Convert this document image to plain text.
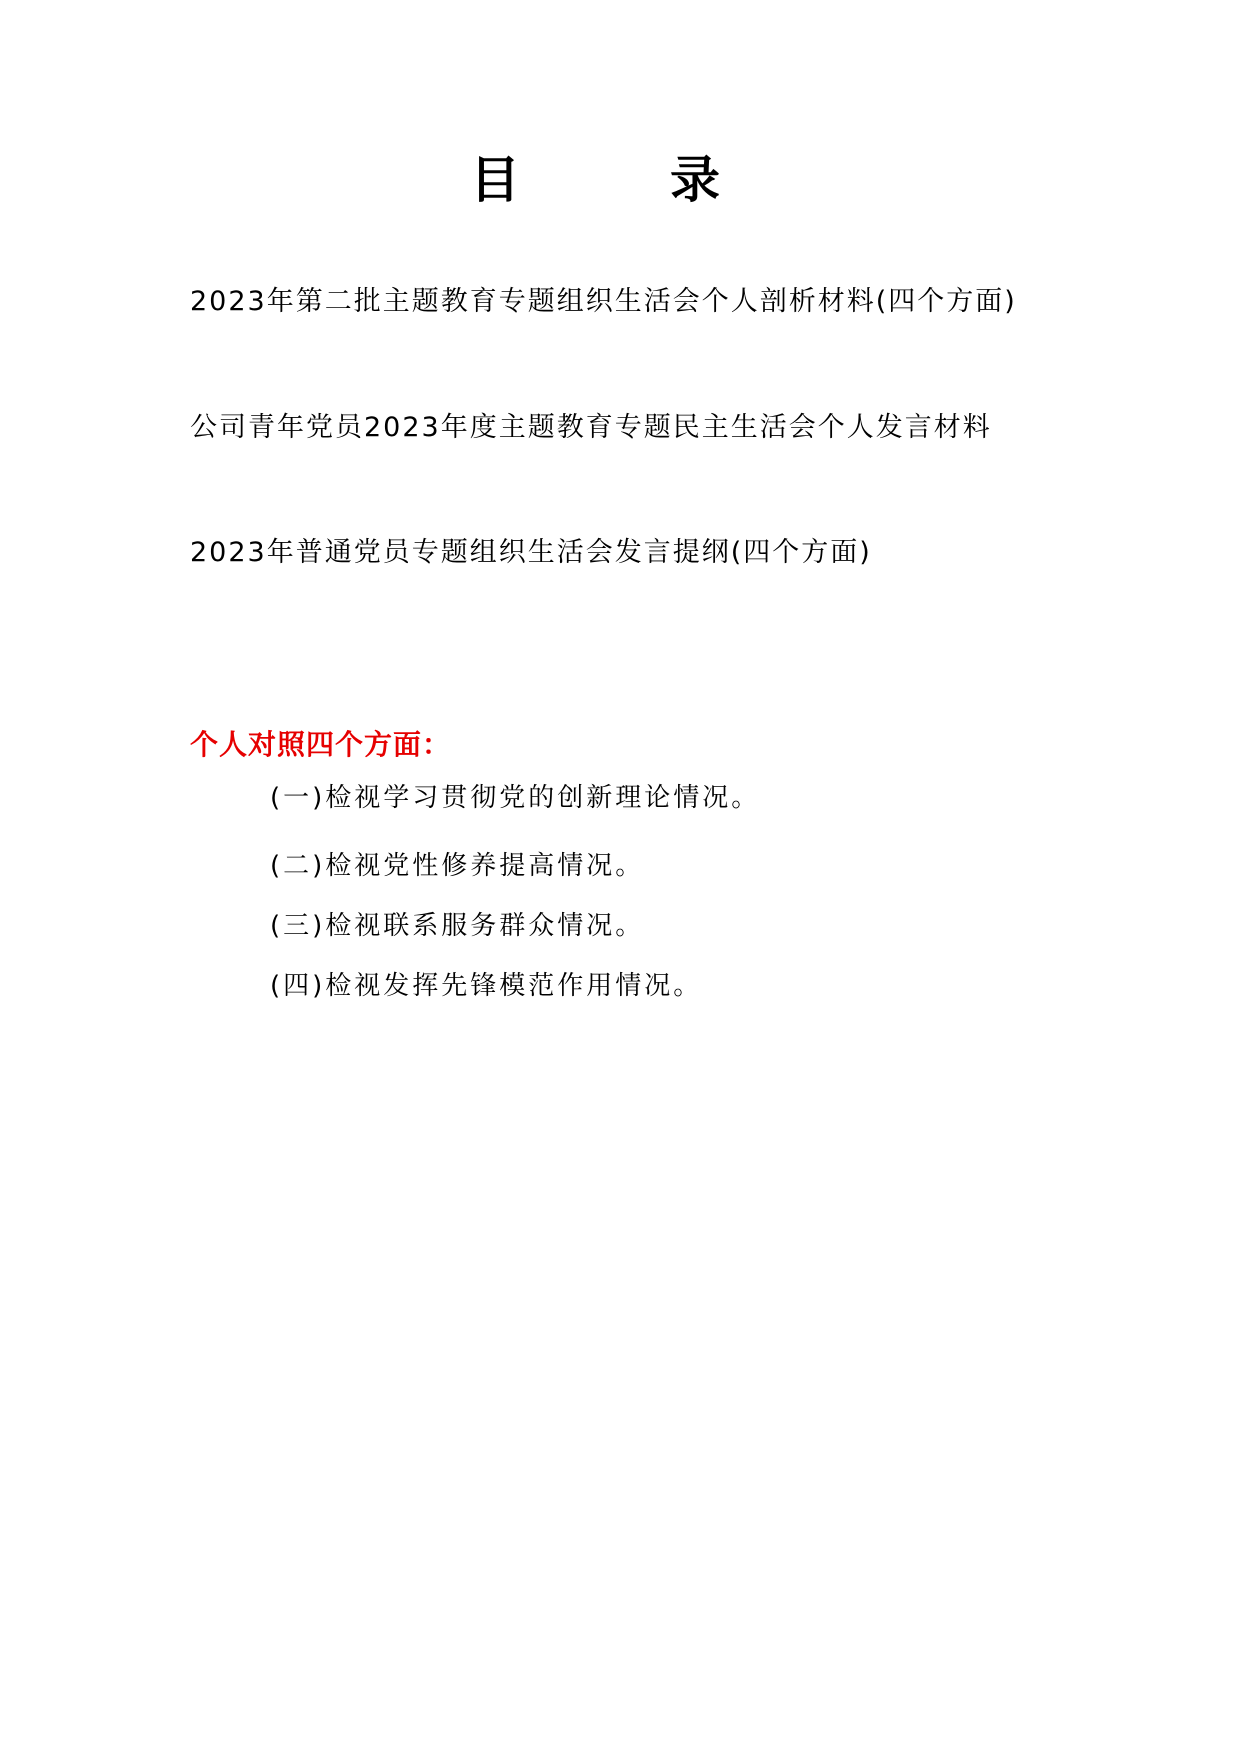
目　录
2023年第二批主题教育专题组织生活会个人剖析材料(四个方面)
公司青年党员2023年度主题教育专题民主生活会个人发言材料
2023年普通党员专题组织生活会发言提纲(四个方面)
个人对照四个方面：
(一)检视学习贯彻党的创新理论情况。
(二)检视党性修养提高情况。
(三)检视联系服务群众情况。
(四)检视发挥先锋模范作用情况。
